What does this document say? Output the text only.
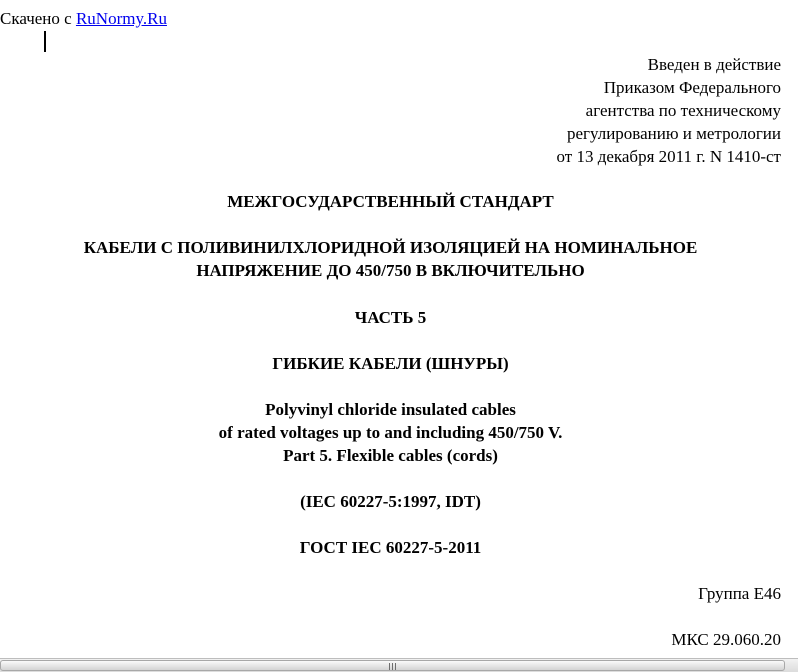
Скачено с RuNormy.Ru
Введен в действие
Приказом Федерального
агентства по техническому
регулированию и метрологии
от 13 декабря 2011 г. N 1410-ст
МЕЖГОСУДАРСТВЕННЫЙ СТАНДАРТ
КАБЕЛИ С ПОЛИВИНИЛХЛОРИДНОЙ ИЗОЛЯЦИЕЙ НА НОМИНАЛЬНОЕ
НАПРЯЖЕНИЕ ДО 450/750 В ВКЛЮЧИТЕЛЬНО
ЧАСТЬ 5
ГИБКИЕ КАБЕЛИ (ШНУРЫ)
Polyvinyl chloride insulated cables
of rated voltages up to and including 450/750 V.
Part 5. Flexible cables (cords)
(IEC 60227-5:1997, IDT)
ГОСТ IEC 60227-5-2011
Группа Е46
МКС 29.060.20
